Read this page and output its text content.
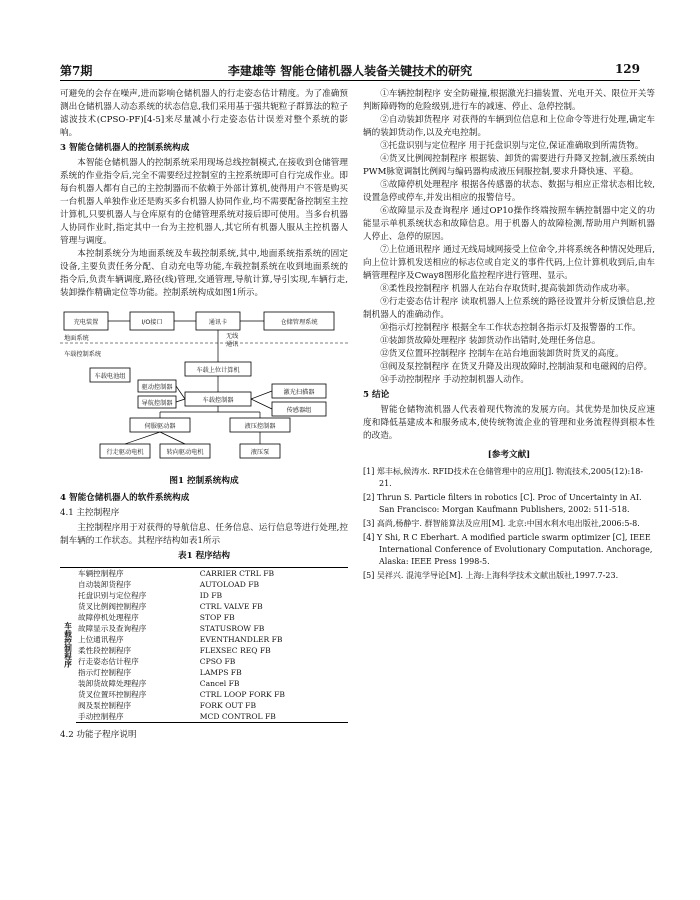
第7期	李建雄等 智能仓储机器人装备关键技术的研究	129

可避免的会存在噪声,进而影响仓储机器人的行走姿态估计精度。为了准确预测出仓储机器人动态系统的状态信息,我们采用基于强共轭粒子群算法的粒子滤波技术(CPSO-PF)[4-5]来尽量减小行走姿态估计误差对整个系统的影响。

3 智能仓储机器人的控制系统构成

本智能仓储机器人的控制系统采用现场总线控制模式,在接收到仓储管理系统的作业指令后,完全不需要经过控制室的主控系统即可自行完成作业。即每台机器人都有自己的主控制器而不依赖于外部计算机,使得用户不管是购买一台机器人单独作业还是购买多台机器人协同作业,均不需要配备控制室主控计算机,只要机器人与仓库原有的仓储管理系统对接后即可使用。当多台机器人协同作业时,指定其中一台为主控机器人,其它所有机器人服从主控机器人管理与调度。

本控制系统分为地面系统及车载控制系统,其中,地面系统指系统的固定设备,主要负责任务分配、自动充电等功能,车载控制系统在收到地面系统的指令后,负责车辆调度,路径(线)管理,交通管理,导航计算,导引实现,车辆行走,装卸操作精确定位等功能。控制系统构成如图1所示。

充电装置	I/O接口	通讯卡	仓储管理系统
地面系统	无线
通讯
车载控制系统
车载上位计算机
车载电池组
驱动控制器
导航控制器	车载控制器
激光扫描器
传感器组
伺服驱动器	液压控制器
行走驱动电机	转向驱动电机	液压泵
图1 控制系统构成
4 智能仓储机器人的软件系统构成
4.1 主控制程序

主控制程序用于对获得的导航信息、任务信息、运行信息等进行处理,控制车辆的工作状态。其程序结构如表1所示

表1 程序结构
车载控制程序	车辆控制程序	CARRIER CTRL FB
	自动装卸货程序	AUTOLOAD FB
	托盘识别与定位程序	ID FB
	货叉比例阀控制程序	CTRL VALVE FB
	故障停机处理程序	STOP FB
	故障显示及查询程序	STATUSROW FB
	上位通讯程序	EVENTHANDLER FB
	柔性段控制程序	FLEXSEC REQ FB
	行走姿态估计程序	CPSO FB
	指示灯控制程序	LAMPS FB
	装卸货故障处理程序	Cancel FB
	货叉位置环控制程序	CTRL LOOP FORK FB
	阀及泵控制程序	FORK OUT FB
	手动控制程序	MCD CONTROL FB
4.2 功能子程序说明

①车辆控制程序 安全防碰撞,根据激光扫描装置、光电开关、限位开关等判断障碍物的危险级别,进行车的减速、停止、急停控制。

②自动装卸货程序 对获得的车辆到位信息和上位命令等进行处理,确定车辆的装卸货动作,以及充电控制。

③托盘识别与定位程序 用于托盘识别与定位,保证准确取到所需货物。

④货叉比例阀控制程序 根据装、卸货的需要进行升降叉控制,液压系统由PWM脉宽调制比例阀与编码器构成液压伺服控制,要求升降快速、平稳。

⑤故障停机处理程序 根据各传感器的状态、数据与相应正常状态相比较,设置急停或停车,并发出相应的报警信号。

⑥故障显示及查询程序 通过OP10操作终端按照车辆控制器中定义的功能显示单机系统状态和故障信息。用于机器人的故障检测,帮助用户判断机器人停止、急停的原因。

⑦上位通讯程序 通过无线局域网接受上位命令,并将系统各种情况处理后,向上位计算机发送相应的标志位或自定义的事件代码,上位计算机收到后,由车辆管理程序及Cway8图形化监控程序进行管理、显示。

⑧柔性段控制程序 机器人在站台存取货时,提高装卸货动作成功率。

⑨行走姿态估计程序 读取机器人上位系统的路径设置并分析反馈信息,控制机器人的准确动作。

⑩指示灯控制程序 根据全车工作状态控制各指示灯及报警器的工作。

⑪装卸货故障处理程序 装卸货动作出错时,处理任务信息。

⑫货叉位置环控制程序 控制车在站台地面装卸货时货叉的高度。

⑬阀及泵控制程序 在货叉升降及出现故障时,控制油泵和电磁阀的启停。

⑭手动控制程序 手动控制机器人动作。

5 结论

智能仓储物流机器人代表着现代物流的发展方向。其优势是加快反应速度和降低基建成本和服务成本,使传统物流企业的管理和业务流程得到根本性的改造。

[参考文献]
[1] 郑丰标,候涛水. RFID技术在仓储管理中的应用[J]. 物流技术,2005(12):18-21.
[2] Thrun S. Particle filters in robotics [C]. Proc of Uncertainty in AI. San Francisco: Morgan Kaufmann Publishers, 2002: 511-518.
[3] 高尚,杨静宇. 群智能算法及应用[M]. 北京:中国水利水电出版社,2006:5-8.
[4] Y Shi, R C Eberhart. A modified particle swarm optimizer [C], IEEE International Conference of Evolutionary Computation. Anchorage, Alaska: IEEE Press 1998-5.
[5] 吴祥兴. 混沌学导论[M]. 上海:上海科学技术文献出版社,1997.7-23.
